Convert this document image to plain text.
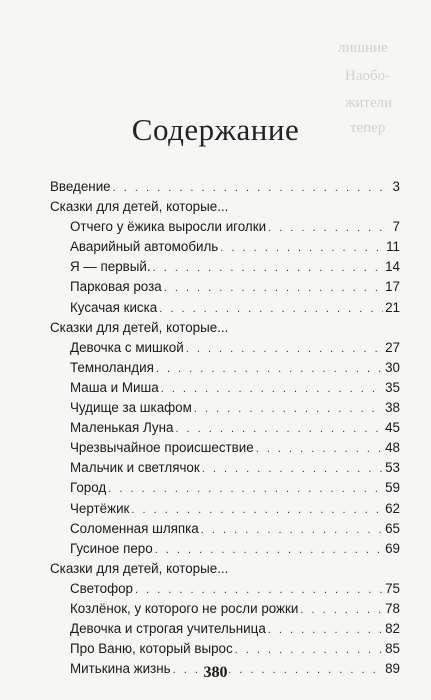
лишние
Наобо-
жители
тепер
Содержание
Введение . . .	3
Сказки для детей, которые...
Отчего у ёжика выросли иголки . . .	7
Аварийный автомобиль . . .	11
Я — первый. . . .	14
Парковая роза . . .	17
Кусачая киска . . .	21
Сказки для детей, которые...
Девочка с мишкой . . .	27
Темноландия . . .	30
Маша и Миша . . .	35
Чудище за шкафом . . .	38
Маленькая Луна . . .	45
Чрезвычайное происшествие . . .	48
Мальчик и светлячок . . .	53
Город . . .	59
Чертёжик . . .	62
Соломенная шляпка . . .	65
Гусиное перо . . .	69
Сказки для детей, которые...
Светофор . . .	75
Козлёнок, у которого не росли рожки . . .	78
Девочка и строгая учительница . . .	82
Про Ваню, который вырос . . .	85
Митькина жизнь . . .	89
380
